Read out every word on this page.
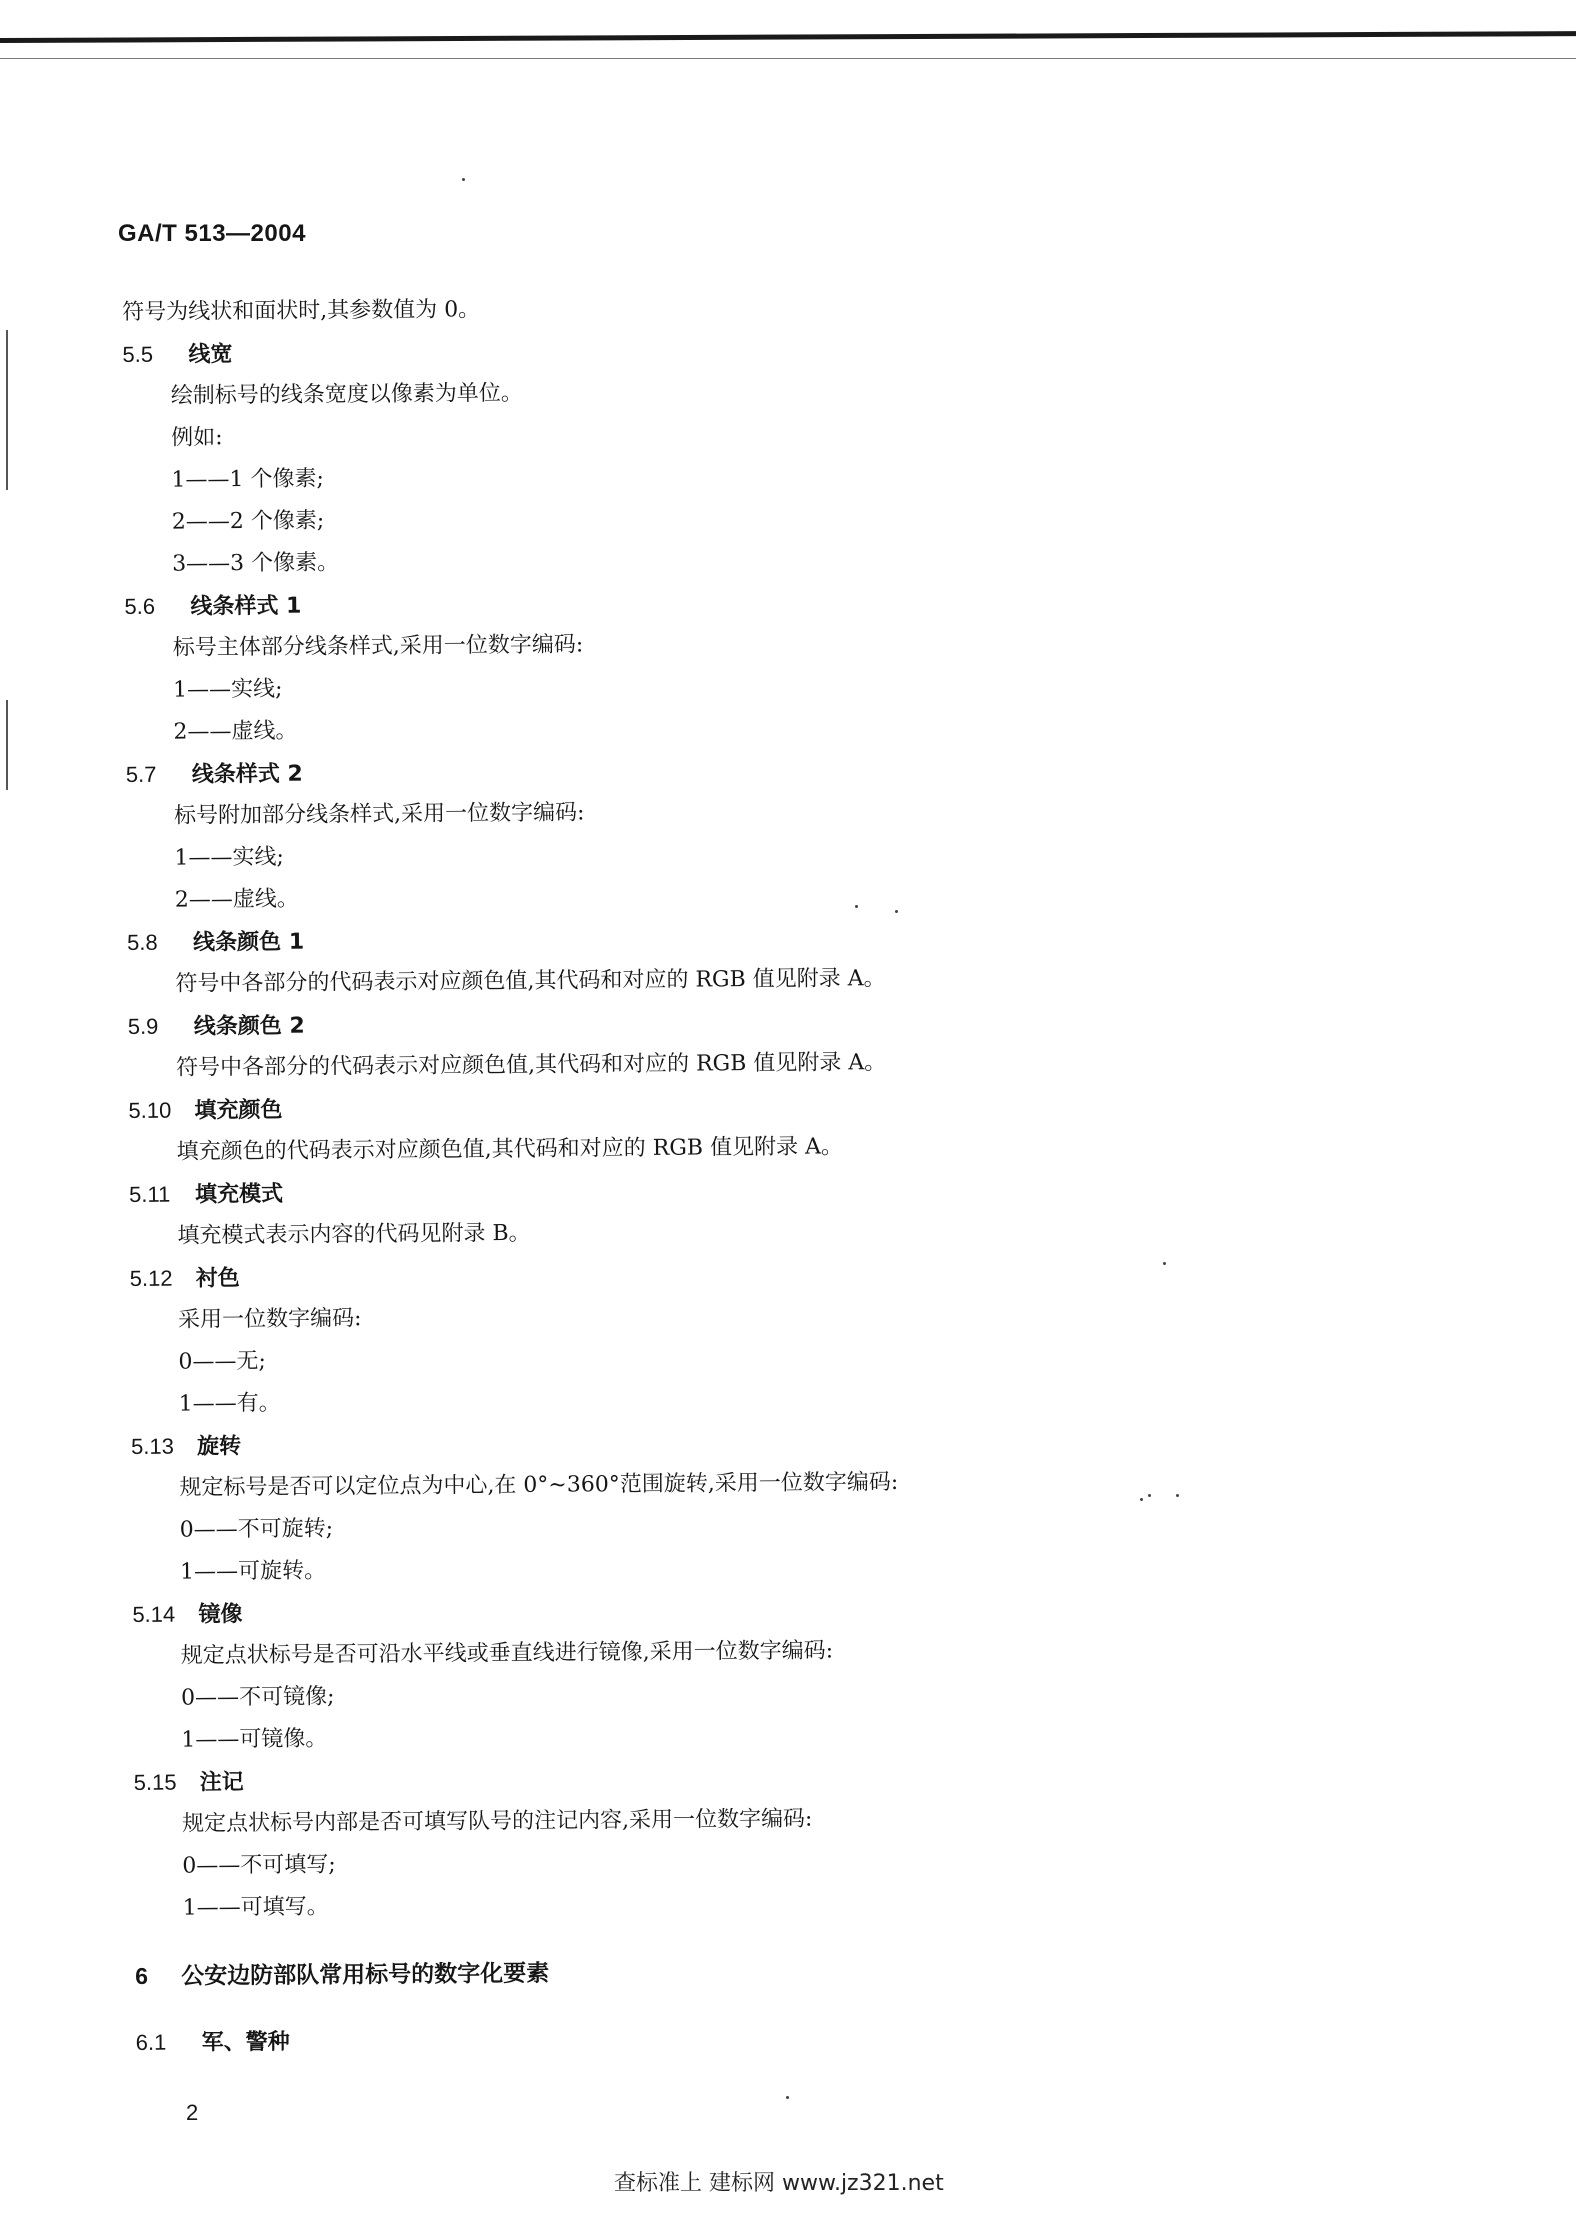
GA/T 513—2004

符号为线状和面状时,其参数值为 0。

5.5 线宽

绘制标号的线条宽度以像素为单位。

例如:

1——1 个像素;

2——2 个像素;

3——3 个像素。

5.6 线条样式 1

标号主体部分线条样式,采用一位数字编码:

1——实线;

2——虚线。

5.7 线条样式 2

标号附加部分线条样式,采用一位数字编码:

1——实线;

2——虚线。

5.8 线条颜色 1

符号中各部分的代码表示对应颜色值,其代码和对应的 RGB 值见附录 A。

5.9 线条颜色 2

符号中各部分的代码表示对应颜色值,其代码和对应的 RGB 值见附录 A。

5.10 填充颜色

填充颜色的代码表示对应颜色值,其代码和对应的 RGB 值见附录 A。

5.11 填充模式

填充模式表示内容的代码见附录 B。

5.12 衬色

采用一位数字编码:

0——无;

1——有。

5.13 旋转

规定标号是否可以定位点为中心,在 0°~360°范围旋转,采用一位数字编码:

0——不可旋转;

1——可旋转。

5.14 镜像

规定点状标号是否可沿水平线或垂直线进行镜像,采用一位数字编码:

0——不可镜像;

1——可镜像。

5.15 注记

规定点状标号内部是否可填写队号的注记内容,采用一位数字编码:

0——不可填写;

1——可填写。

6 公安边防部队常用标号的数字化要素

6.1 军、警种

2
查标准上 建标网 www.jz321.net
